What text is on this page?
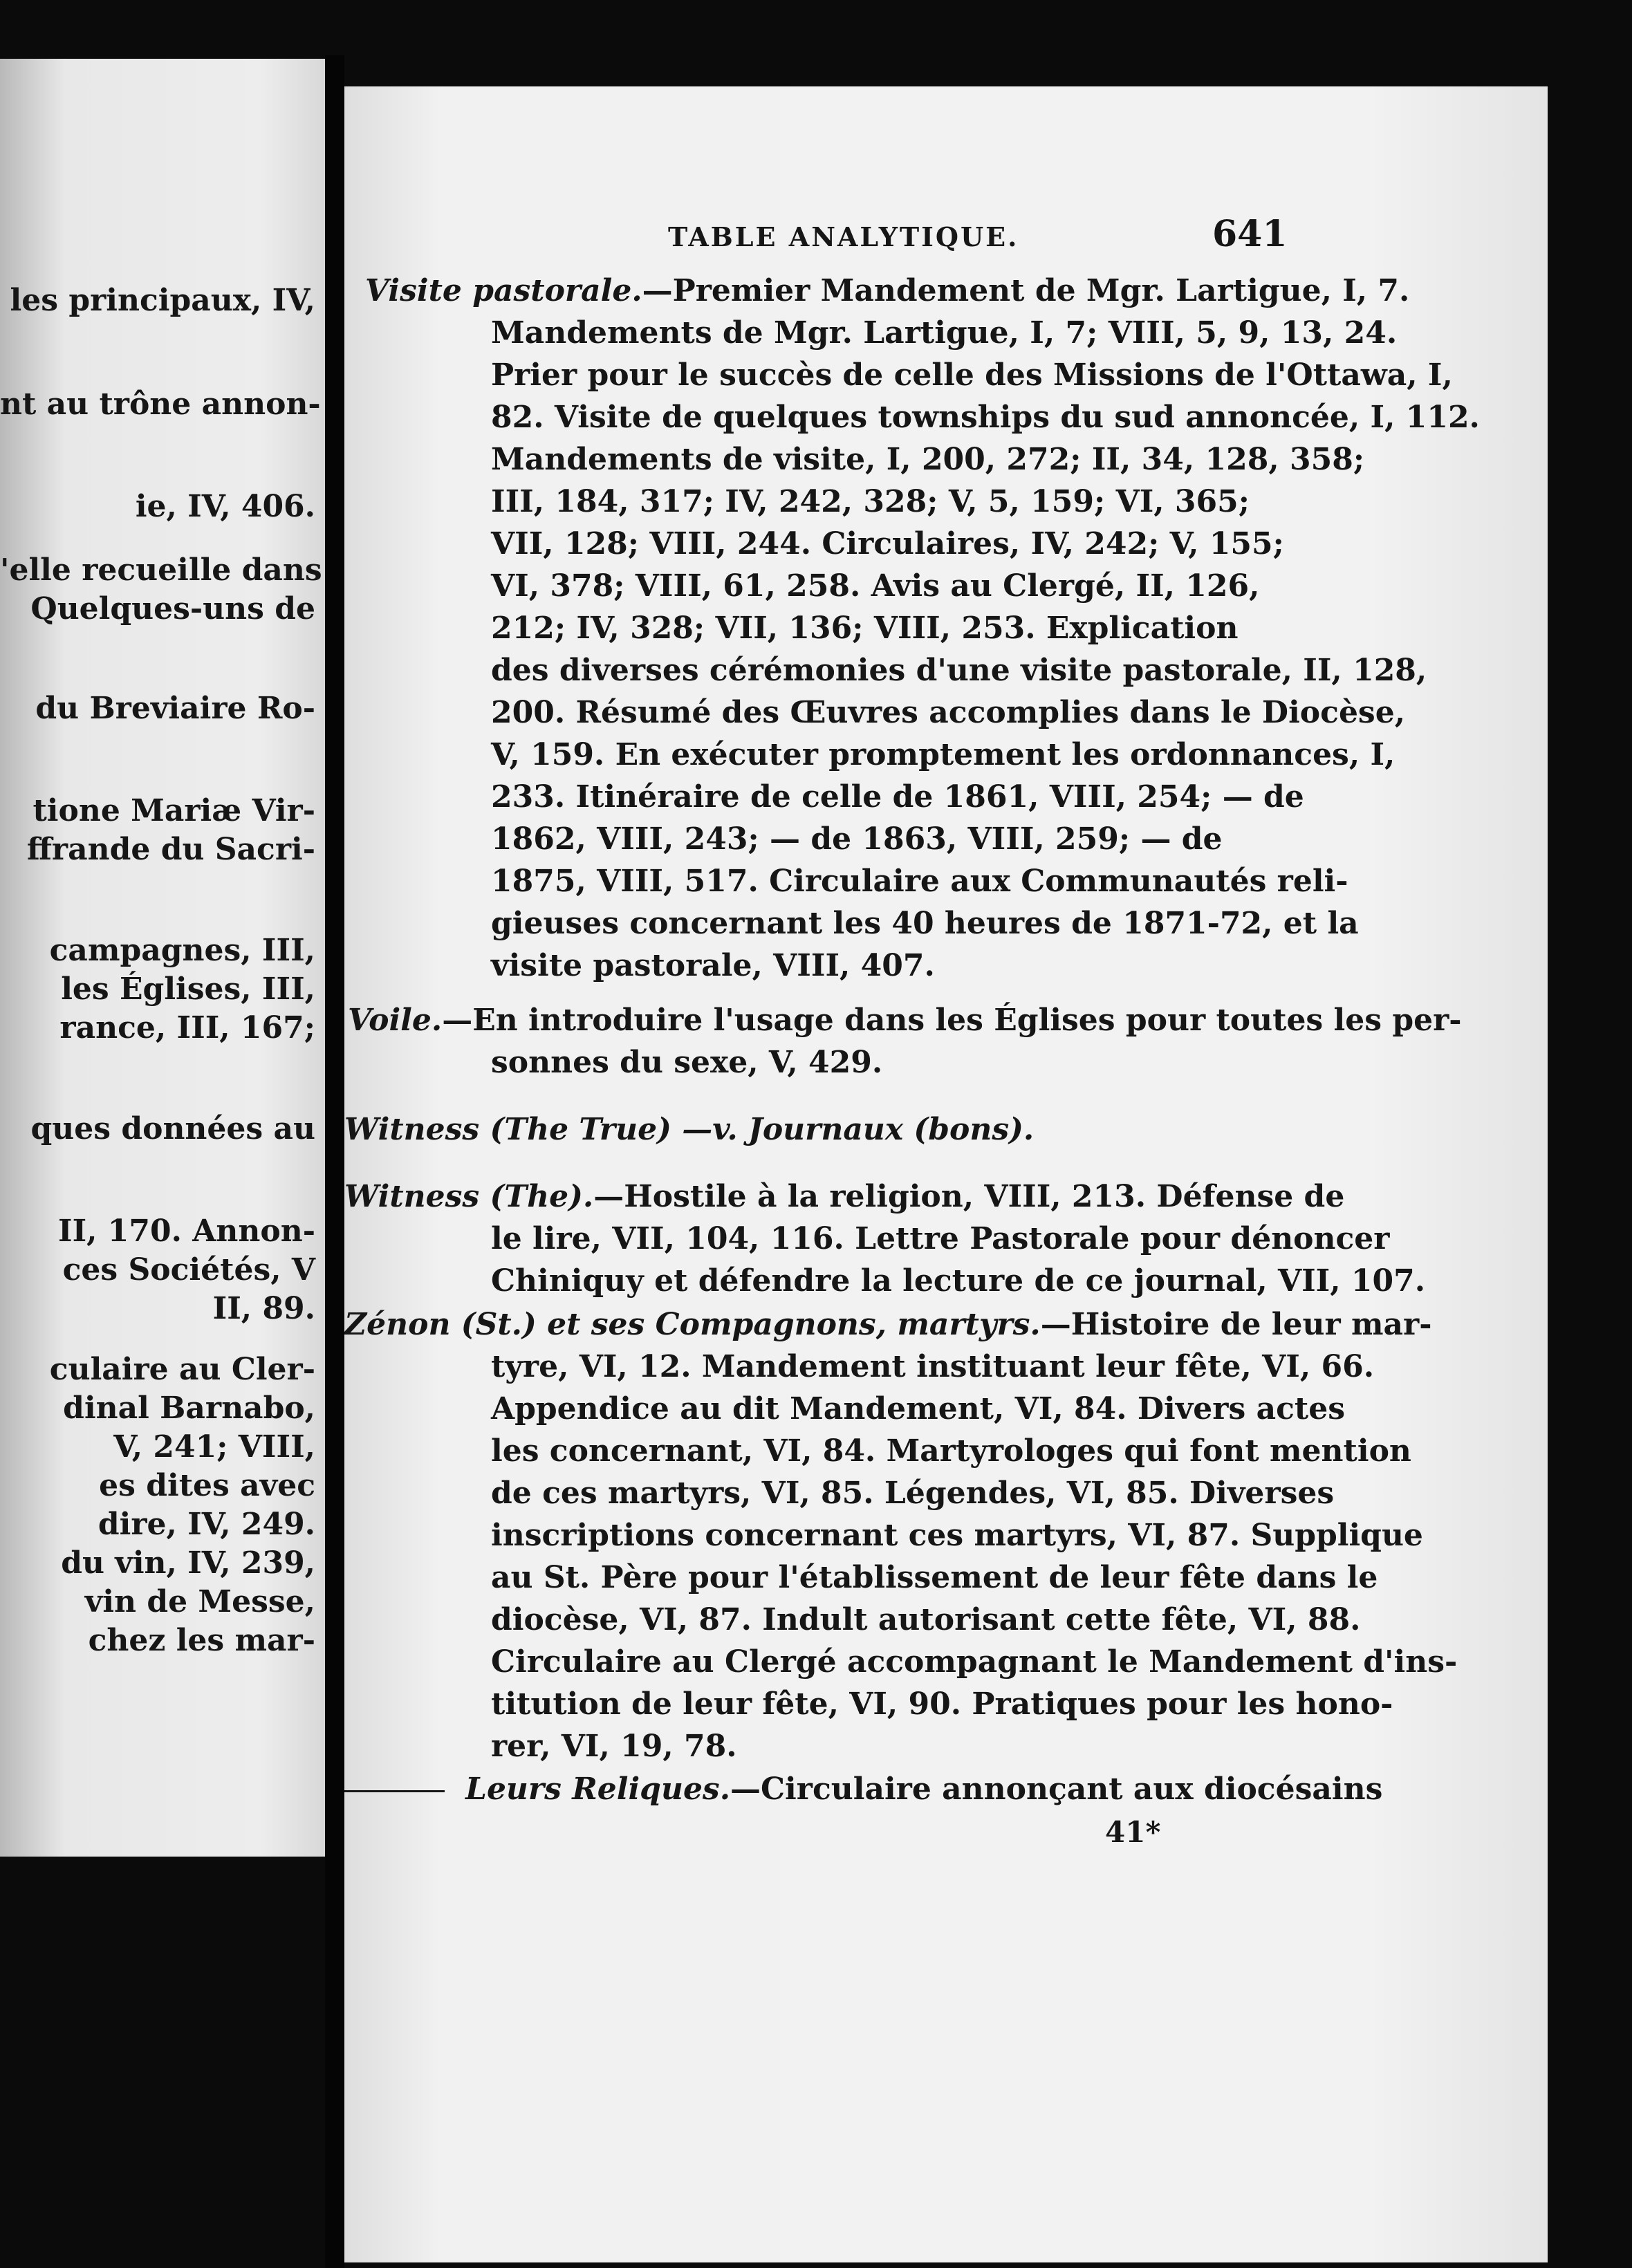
les principaux, IV,
nt au trône annon-
ie, IV, 406.
'elle recueille dans
Quelques-uns de
du Breviaire Ro-
tione Mariæ Vir-
ffrande du Sacri-
campagnes, III,
les Églises, III,
rance, III, 167;
ques données au
II, 170. Annon-
ces Sociétés, V
II, 89.
culaire au Cler-
dinal Barnabo,
V, 241; VIII,
es dites avec
dire, IV, 249.
du vin, IV, 239,
vin de Messe,
chez les mar-
TABLE ANALYTIQUE.	641
Visite pastorale.—Premier Mandement de Mgr. Lartigue, I, 7.
Mandements de Mgr. Lartigue, I, 7; VIII, 5, 9, 13, 24.
Prier pour le succès de celle des Missions de l'Ottawa, I,
82. Visite de quelques townships du sud annoncée, I, 112.
Mandements de visite, I, 200, 272; II, 34, 128, 358;
III, 184, 317; IV, 242, 328; V, 5, 159; VI, 365;
VII, 128; VIII, 244. Circulaires, IV, 242; V, 155;
VI, 378; VIII, 61, 258. Avis au Clergé, II, 126,
212; IV, 328; VII, 136; VIII, 253. Explication
des diverses cérémonies d'une visite pastorale, II, 128,
200. Résumé des Œuvres accomplies dans le Diocèse,
V, 159. En exécuter promptement les ordonnances, I,
233. Itinéraire de celle de 1861, VIII, 254; — de
1862, VIII, 243; — de 1863, VIII, 259; — de
1875, VIII, 517. Circulaire aux Communautés reli-
gieuses concernant les 40 heures de 1871-72, et la
visite pastorale, VIII, 407.
Voile.—En introduire l'usage dans les Églises pour toutes les per-
sonnes du sexe, V, 429.
Witness (The True) —v. Journaux (bons).
Witness (The).—Hostile à la religion, VIII, 213. Défense de
le lire, VII, 104, 116. Lettre Pastorale pour dénoncer
Chiniquy et défendre la lecture de ce journal, VII, 107.
Zénon (St.) et ses Compagnons, martyrs.—Histoire de leur mar-
tyre, VI, 12. Mandement instituant leur fête, VI, 66.
Appendice au dit Mandement, VI, 84. Divers actes
les concernant, VI, 84. Martyrologes qui font mention
de ces martyrs, VI, 85. Légendes, VI, 85. Diverses
inscriptions concernant ces martyrs, VI, 87. Supplique
au St. Père pour l'établissement de leur fête dans le
diocèse, VI, 87. Indult autorisant cette fête, VI, 88.
Circulaire au Clergé accompagnant le Mandement d'ins-
titution de leur fête, VI, 90. Pratiques pour les hono-
rer, VI, 19, 78.
Leurs Reliques.—Circulaire annonçant aux diocésains
41*
